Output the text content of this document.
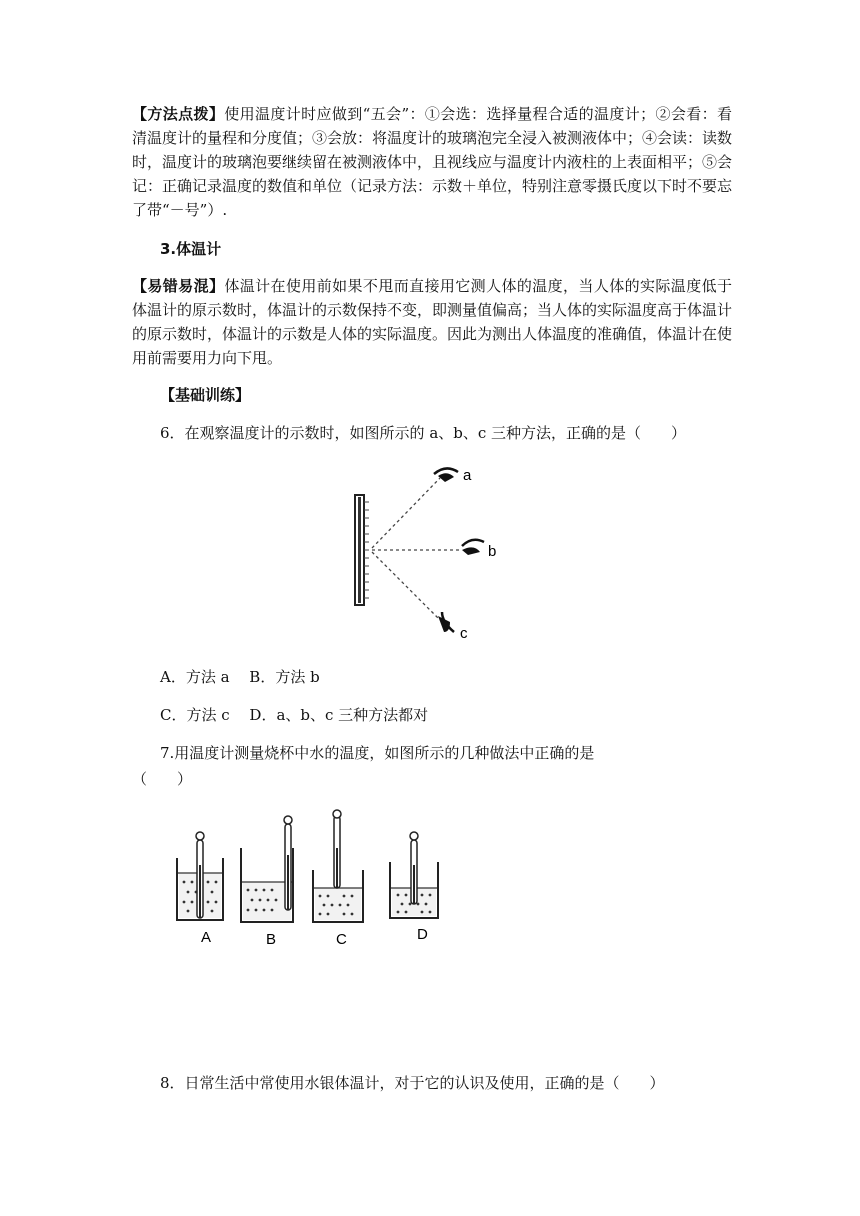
【方法点拨】使用温度计时应做到“五会”：①会选：选择量程合适的温度计；②会看：看清温度计的量程和分度值；③会放：将温度计的玻璃泡完全浸入被测液体中；④会读：读数时，温度计的玻璃泡要继续留在被测液体中，且视线应与温度计内液柱的上表面相平；⑤会记：正确记录温度的数值和单位（记录方法：示数＋单位，特别注意零摄氏度以下时不要忘了带“－号”）.
3.体温计
【易错易混】体温计在使用前如果不甩而直接用它测人体的温度，当人体的实际温度低于体温计的原示数时，体温计的示数保持不变，即测量值偏高；当人体的实际温度高于体温计的原示数时，体温计的示数是人体的实际温度。因此为测出人体温度的准确值，体温计在使用前需要用力向下甩。
【基础训练】
6．在观察温度计的示数时，如图所示的 a、b、c 三种方法，正确的是（　　）
a
b
c
A．方法 a　 B．方法 b
C．方法 c　 D．a、b、c 三种方法都对
7.用温度计测量烧杯中水的温度，如图所示的几种做法中正确的是
（　　）
A	B	C	D
8．日常生活中常使用水银体温计，对于它的认识及使用，正确的是（　　）
